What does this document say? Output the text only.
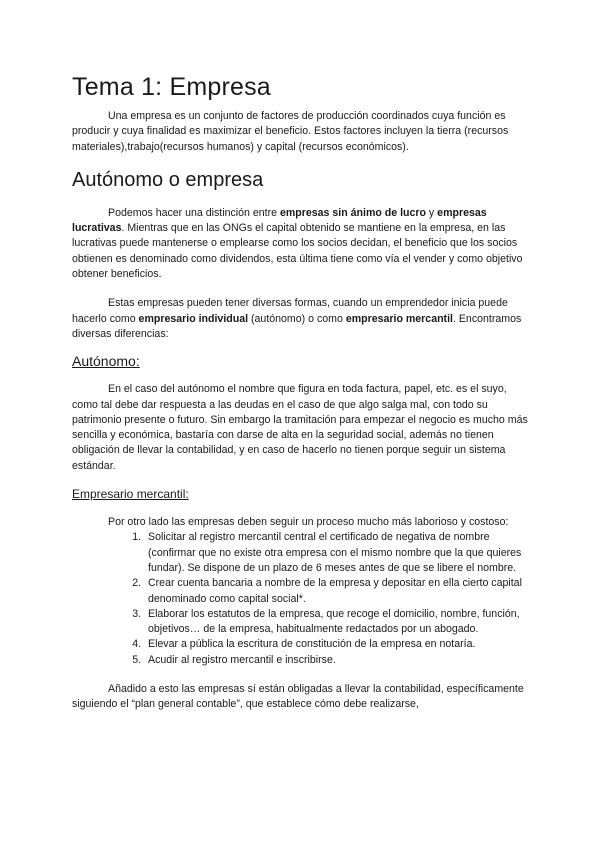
Tema 1: Empresa

Una empresa es un conjunto de factores de producción coordinados cuya función es producir y cuya finalidad es maximizar el beneficio. Estos factores incluyen la tierra (recursos materiales),trabajo(recursos humanos) y capital (recursos económicos).

Autónomo o empresa

Podemos hacer una distinción entre empresas sin ánimo de lucro y empresas lucrativas. Mientras que en las ONGs el capital obtenido se mantiene en la empresa, en las lucrativas puede mantenerse o emplearse como los socios decidan, el beneficio que los socios obtienen es denominado como dividendos, esta última tiene como vía el vender y como objetivo obtener beneficios.

Estas empresas pueden tener diversas formas, cuando un emprendedor inicia puede hacerlo como empresario individual (autónomo) o como empresario mercantil. Encontramos diversas diferencias:

Autónomo:

En el caso del autónomo el nombre que figura en toda factura, papel, etc. es el suyo, como tal debe dar respuesta a las deudas en el caso de que algo salga mal, con todo su patrimonio presente o futuro. Sin embargo la tramitación para empezar el negocio es mucho más sencilla y económica, bastaría con darse de alta en la seguridad social, además no tienen obligación de llevar la contabilidad, y en caso de hacerlo no tienen porque seguir un sistema estándar.

Empresario mercantil:

Por otro lado las empresas deben seguir un proceso mucho más laborioso y costoso:

1. Solicitar al registro mercantil central el certificado de negativa de nombre (confirmar que no existe otra empresa con el mismo nombre que la que quieres fundar). Se dispone de un plazo de 6 meses antes de que se libere el nombre.
2. Crear cuenta bancaria a nombre de la empresa y depositar en ella cierto capital denominado como capital social*.
3. Elaborar los estatutos de la empresa, que recoge el domicilio, nombre, función, objetivos… de la empresa, habitualmente redactados por un abogado.
4. Elevar a pública la escritura de constitución de la empresa en notaría.
5. Acudir al registro mercantil e inscribirse.

Añadido a esto las empresas sí están obligadas a llevar la contabilidad, específicamente siguiendo el “plan general contable”, que establece cómo debe realizarse,
